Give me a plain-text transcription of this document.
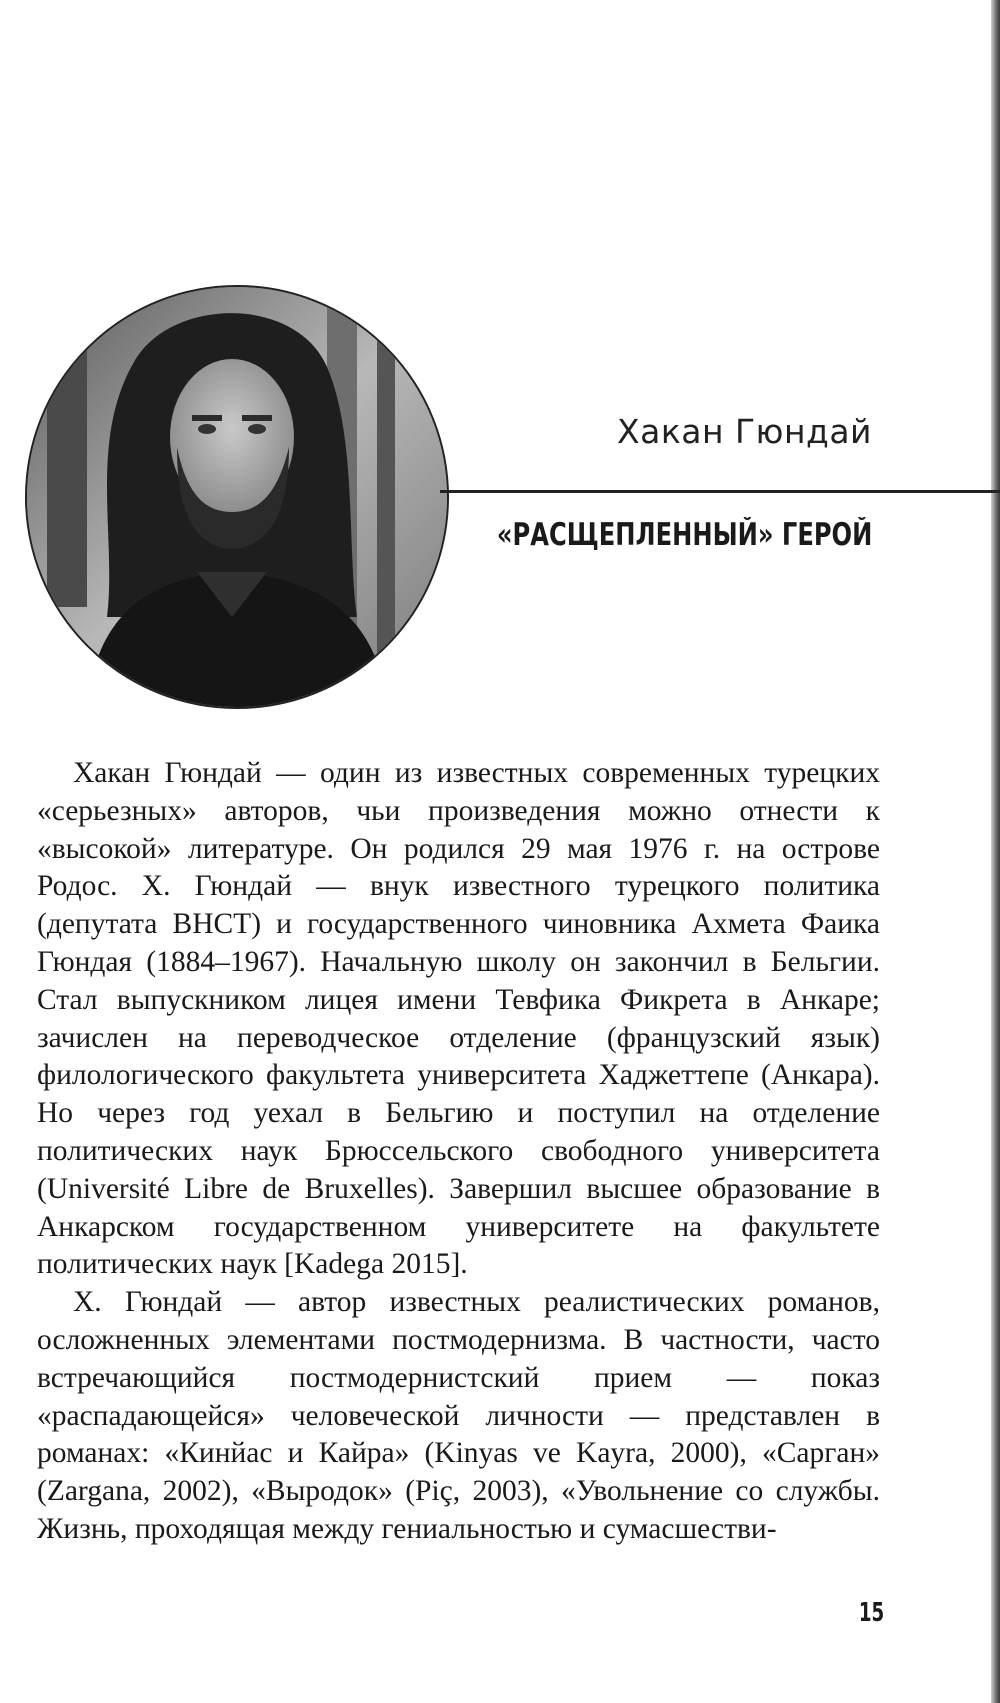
Хакан Гюндай
«РАСЩЕПЛЕННЫЙ» ГЕРОЙ

Хакан Гюндай — один из известных современных турецких «серьезных» авторов, чьи произведения можно отнести к «высокой» литературе. Он родился 29 мая 1976 г. на острове Родос. Х. Гюндай — внук известного турецкого политика (депутата ВНСТ) и государственного чиновника Ахмета Фаика Гюндая (1884–1967). Начальную школу он закончил в Бельгии. Стал выпускником лицея имени Тевфика Фикрета в Анкаре; зачислен на переводческое отделение (французский язык) филологического факультета университета Хаджеттепе (Анкара). Но через год уехал в Бельгию и поступил на отделение политических наук Брюссельского свободного университета (Université Libre de Bruxelles). Завершил высшее образование в Анкарском государственном университете на факультете политических наук [Kadega 2015].

Х. Гюндай — автор известных реалистических романов, осложненных элементами постмодернизма. В частности, часто встречающийся постмодернистский прием — показ «распадающейся» человеческой личности — представлен в романах: «Кинйас и Кайра» (Kinyas ve Kayra, 2000), «Сарган» (Zargana, 2002), «Выродок» (Piç, 2003), «Увольнение со службы. Жизнь, проходящая между гениальностью и сумасшестви-

15
